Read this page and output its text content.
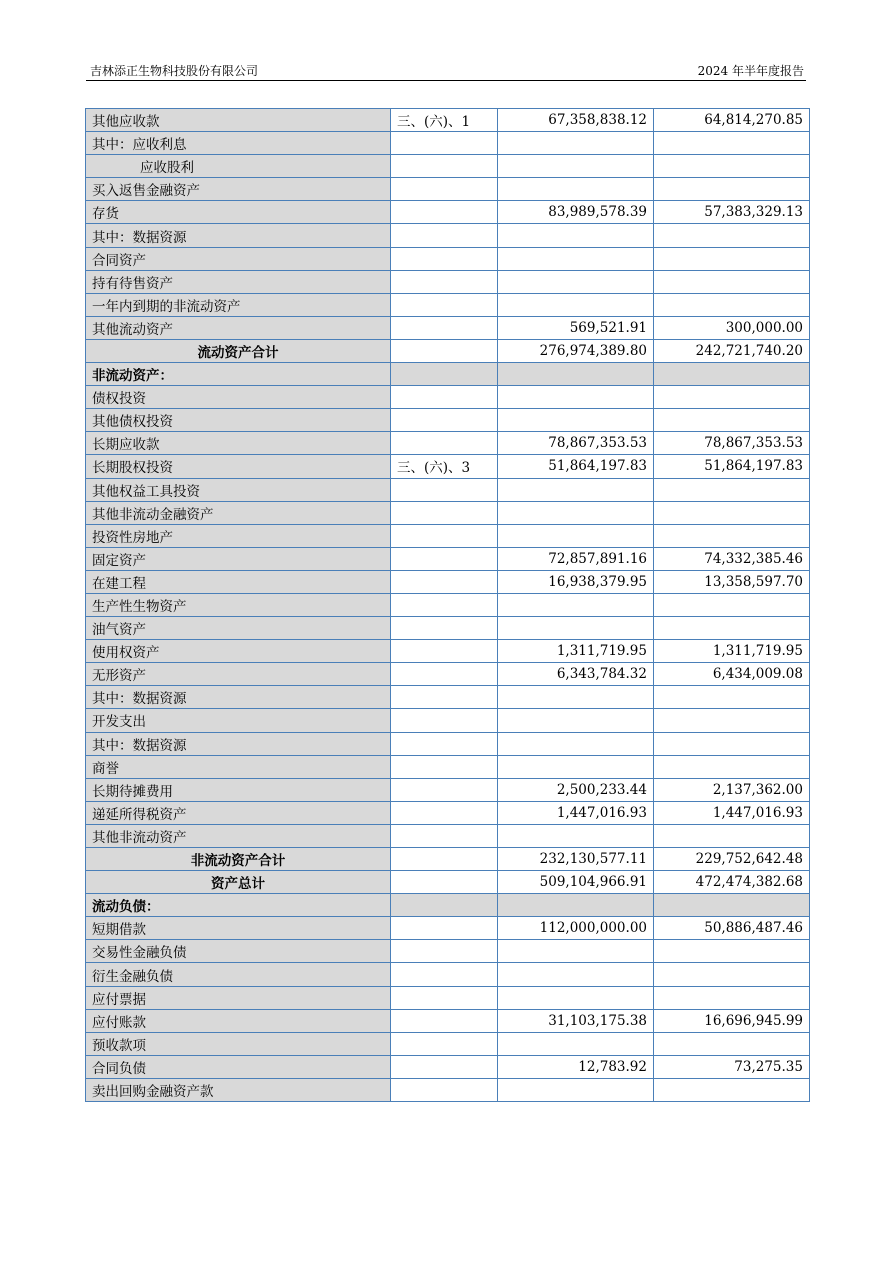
吉林添正生物科技股份有限公司	2024 年半年度报告
其他应收款	三、(六)、1	67,358,838.12	64,814,270.85
其中：应收利息			
应收股利			
买入返售金融资产			
存货		83,989,578.39	57,383,329.13
其中：数据资源			
合同资产			
持有待售资产			
一年内到期的非流动资产			
其他流动资产		569,521.91	300,000.00
流动资产合计		276,974,389.80	242,721,740.20
非流动资产：			
债权投资			
其他债权投资			
长期应收款		78,867,353.53	78,867,353.53
长期股权投资	三、(六)、3	51,864,197.83	51,864,197.83
其他权益工具投资			
其他非流动金融资产			
投资性房地产			
固定资产		72,857,891.16	74,332,385.46
在建工程		16,938,379.95	13,358,597.70
生产性生物资产			
油气资产			
使用权资产		1,311,719.95	1,311,719.95
无形资产		6,343,784.32	6,434,009.08
其中：数据资源			
开发支出			
其中：数据资源			
商誉			
长期待摊费用		2,500,233.44	2,137,362.00
递延所得税资产		1,447,016.93	1,447,016.93
其他非流动资产			
非流动资产合计		232,130,577.11	229,752,642.48
资产总计		509,104,966.91	472,474,382.68
流动负债：			
短期借款		112,000,000.00	50,886,487.46
交易性金融负债			
衍生金融负债			
应付票据			
应付账款		31,103,175.38	16,696,945.99
预收款项			
合同负债		12,783.92	73,275.35
卖出回购金融资产款			
